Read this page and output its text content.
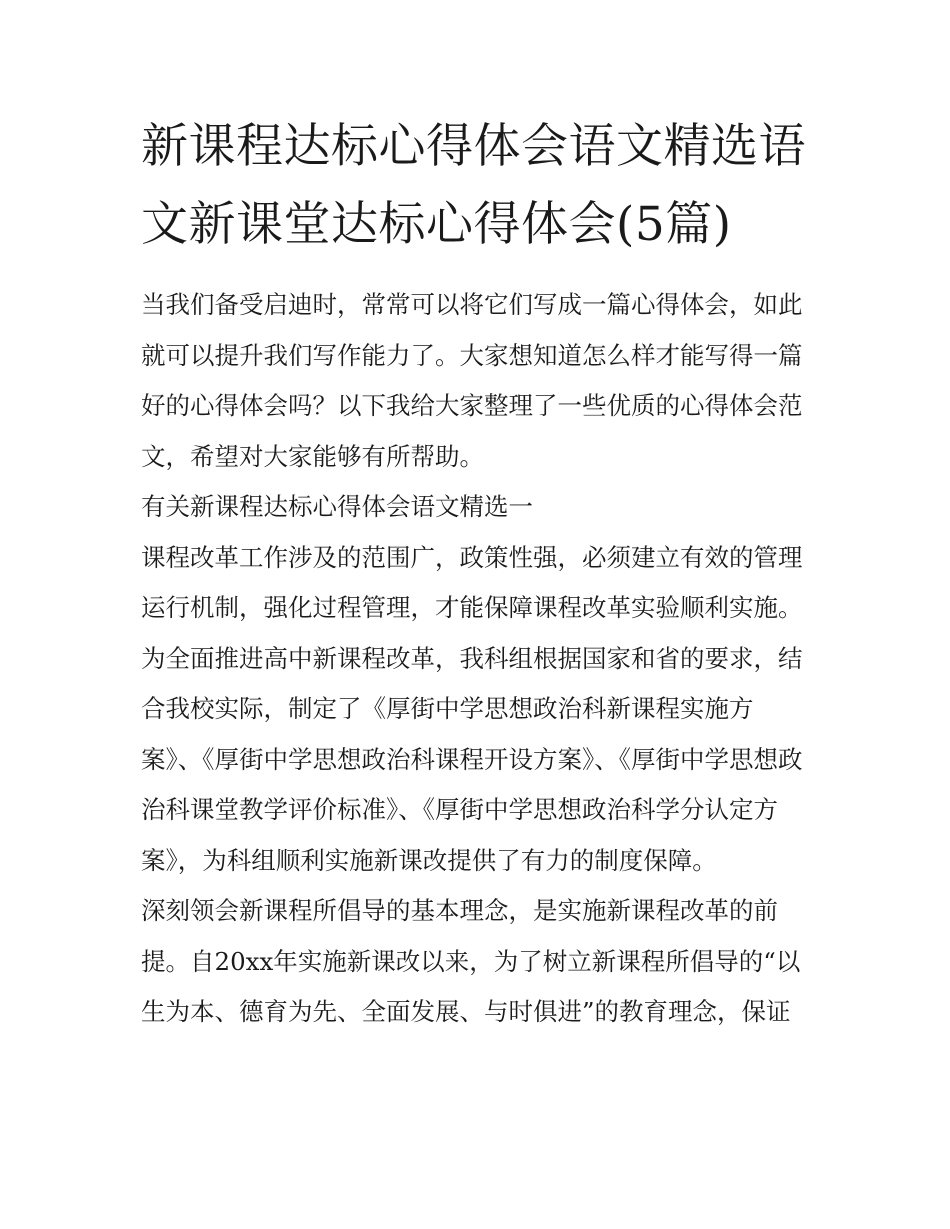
新课程达标心得体会语文精选语文新课堂达标心得体会(5篇)

当我们备受启迪时，常常可以将它们写成一篇心得体会，如此就可以提升我们写作能力了。大家想知道怎么样才能写得一篇好的心得体会吗？以下我给大家整理了一些优质的心得体会范文，希望对大家能够有所帮助。

有关新课程达标心得体会语文精选一

课程改革工作涉及的范围广，政策性强，必须建立有效的管理运行机制，强化过程管理，才能保障课程改革实验顺利实施。为全面推进高中新课程改革，我科组根据国家和省的要求，结合我校实际，制定了《厚街中学思想政治科新课程实施方案》、《厚街中学思想政治科课程开设方案》、《厚街中学思想政治科课堂教学评价标准》、《厚街中学思想政治科学分认定方案》，为科组顺利实施新课改提供了有力的制度保障。

深刻领会新课程所倡导的基本理念，是实施新课程改革的前提。自20xx年实施新课改以来，为了树立新课程所倡导的“以生为本、德育为先、全面发展、与时俱进”的教育理念，保证
